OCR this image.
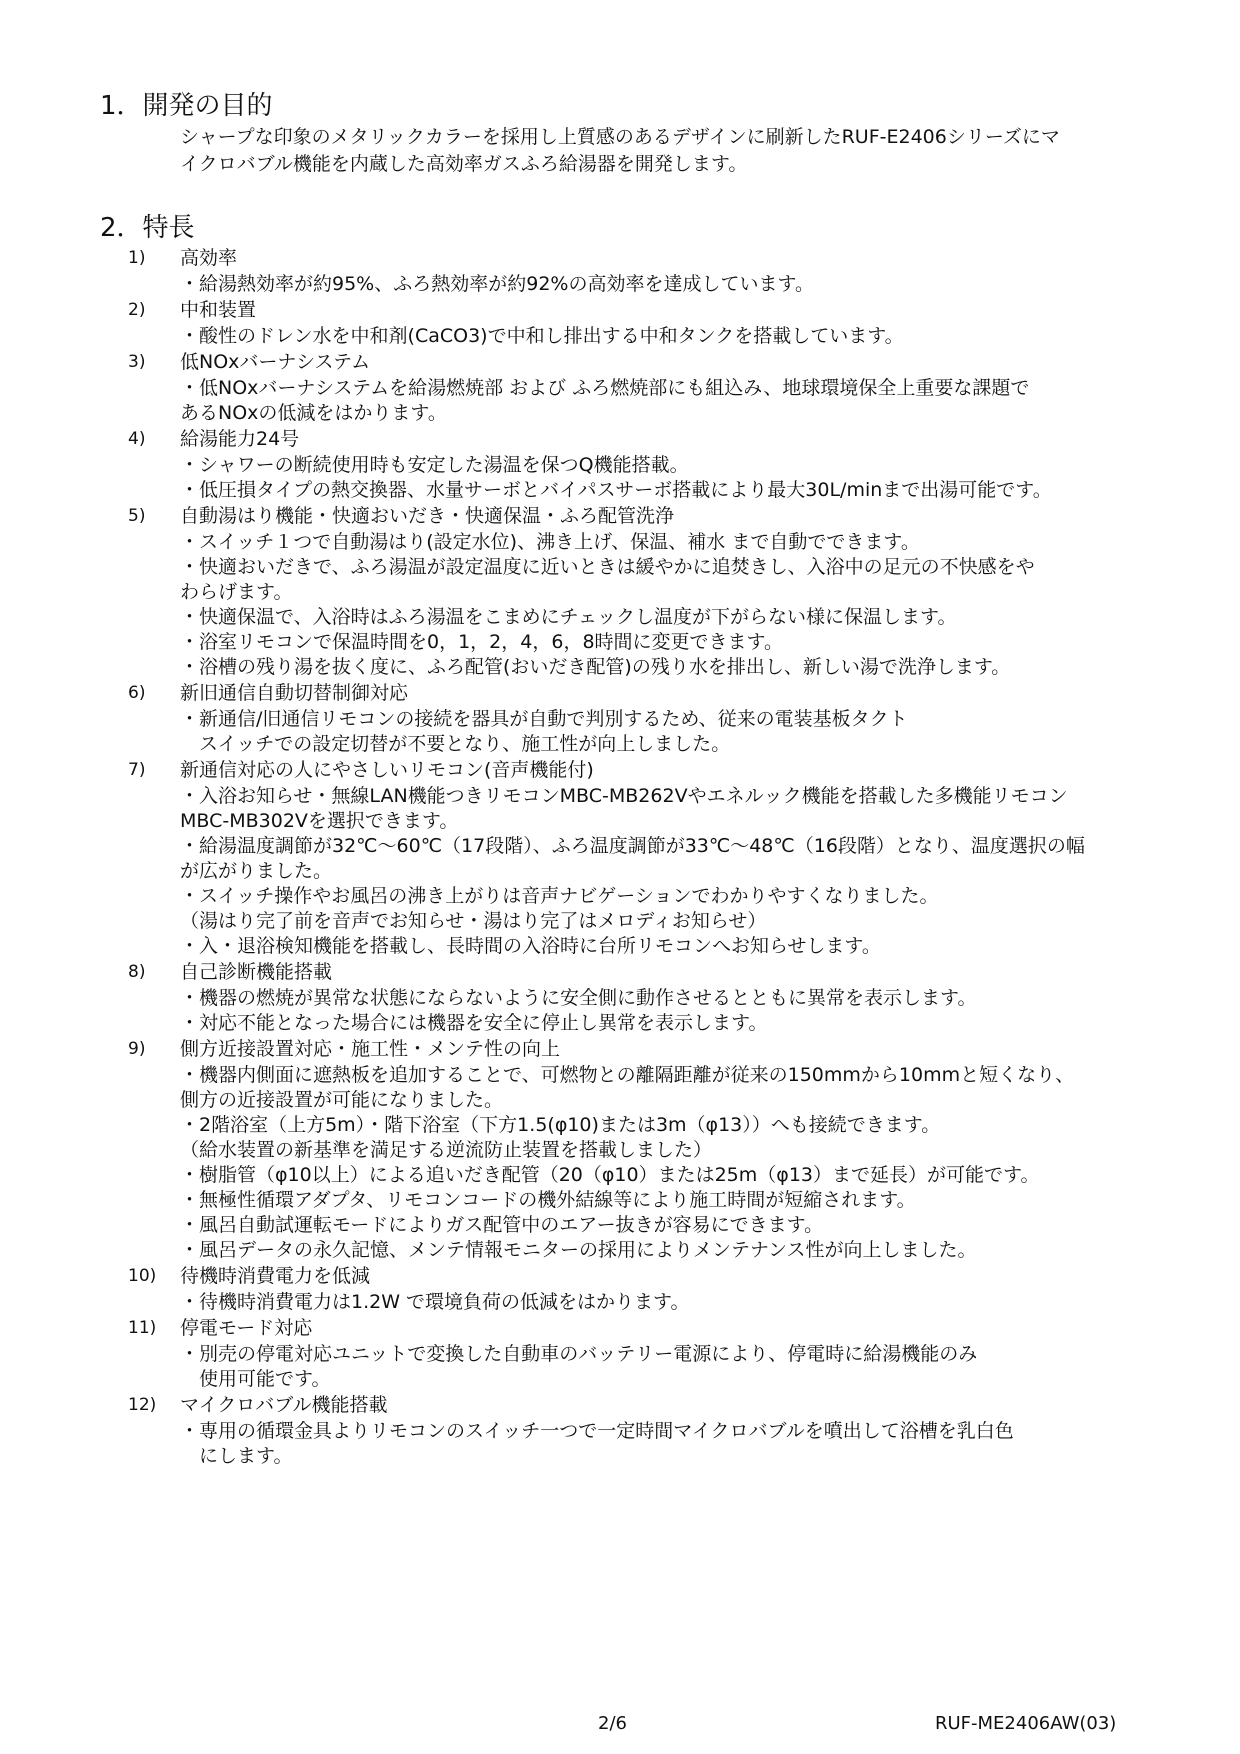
1．開発の目的

シャープな印象のメタリックカラーを採用し上質感のあるデザインに刷新したRUF-E2406シリーズにマ

イクロバブル機能を内蔵した高効率ガスふろ給湯器を開発します。

2．特長
1) 高効率

・給湯熱効率が約95%、ふろ熱効率が約92%の高効率を達成しています。

2) 中和装置

・酸性のドレン水を中和剤(CaCO3)で中和し排出する中和タンクを搭載しています。

3) 低NOxバーナシステム

・低NOxバーナシステムを給湯燃焼部 および ふろ燃焼部にも組込み、地球環境保全上重要な課題で

あるNOxの低減をはかります。

4) 給湯能力24号

・シャワーの断続使用時も安定した湯温を保つQ機能搭載。

・低圧損タイプの熱交換器、水量サーボとバイパスサーボ搭載により最大30L/minまで出湯可能です。

5) 自動湯はり機能・快適おいだき・快適保温・ふろ配管洗浄

・スイッチ１つで自動湯はり(設定水位)、沸き上げ、保温、補水 まで自動でできます。

・快適おいだきで、ふろ湯温が設定温度に近いときは緩やかに追焚きし、入浴中の足元の不快感をや

わらげます。

・快適保温で、入浴時はふろ湯温をこまめにチェックし温度が下がらない様に保温します。

・浴室リモコンで保温時間を0，1，2，4，6，8時間に変更できます。

・浴槽の残り湯を抜く度に、ふろ配管(おいだき配管)の残り水を排出し、新しい湯で洗浄します。

6) 新旧通信自動切替制御対応

・新通信/旧通信リモコンの接続を器具が自動で判別するため、従来の電装基板タクト

　スイッチでの設定切替が不要となり、施工性が向上しました。

7) 新通信対応の人にやさしいリモコン(音声機能付)

・入浴お知らせ・無線LAN機能つきリモコンMBC-MB262Vやエネルック機能を搭載した多機能リモコン

MBC-MB302Vを選択できます。

・給湯温度調節が32℃～60℃（17段階）、ふろ温度調節が33℃～48℃（16段階）となり、温度選択の幅

が広がりました。

・スイッチ操作やお風呂の沸き上がりは音声ナビゲーションでわかりやすくなりました。

（湯はり完了前を音声でお知らせ・湯はり完了はメロディお知らせ）

・入・退浴検知機能を搭載し、長時間の入浴時に台所リモコンへお知らせします。

8) 自己診断機能搭載

・機器の燃焼が異常な状態にならないように安全側に動作させるとともに異常を表示します。

・対応不能となった場合には機器を安全に停止し異常を表示します。

9) 側方近接設置対応・施工性・メンテ性の向上

・機器内側面に遮熱板を追加することで、可燃物との離隔距離が従来の150mmから10mmと短くなり、

側方の近接設置が可能になりました。

・2階浴室（上方5m）・階下浴室（下方1.5(φ10)または3m（φ13））へも接続できます。

（給水装置の新基準を満足する逆流防止装置を搭載しました）

・樹脂管（φ10以上）による追いだき配管（20（φ10）または25m（φ13）まで延長）が可能です。

・無極性循環アダプタ、リモコンコードの機外結線等により施工時間が短縮されます。

・風呂自動試運転モードによりガス配管中のエアー抜きが容易にできます。

・風呂データの永久記憶、メンテ情報モニターの採用によりメンテナンス性が向上しました。

10) 待機時消費電力を低減

・待機時消費電力は1.2W で環境負荷の低減をはかります。

11) 停電モード対応

・別売の停電対応ユニットで変換した自動車のバッテリー電源により、停電時に給湯機能のみ

　使用可能です。

12) マイクロバブル機能搭載

・専用の循環金具よりリモコンのスイッチ一つで一定時間マイクロバブルを噴出して浴槽を乳白色

　にします。

2/6	RUF-ME2406AW(03)
